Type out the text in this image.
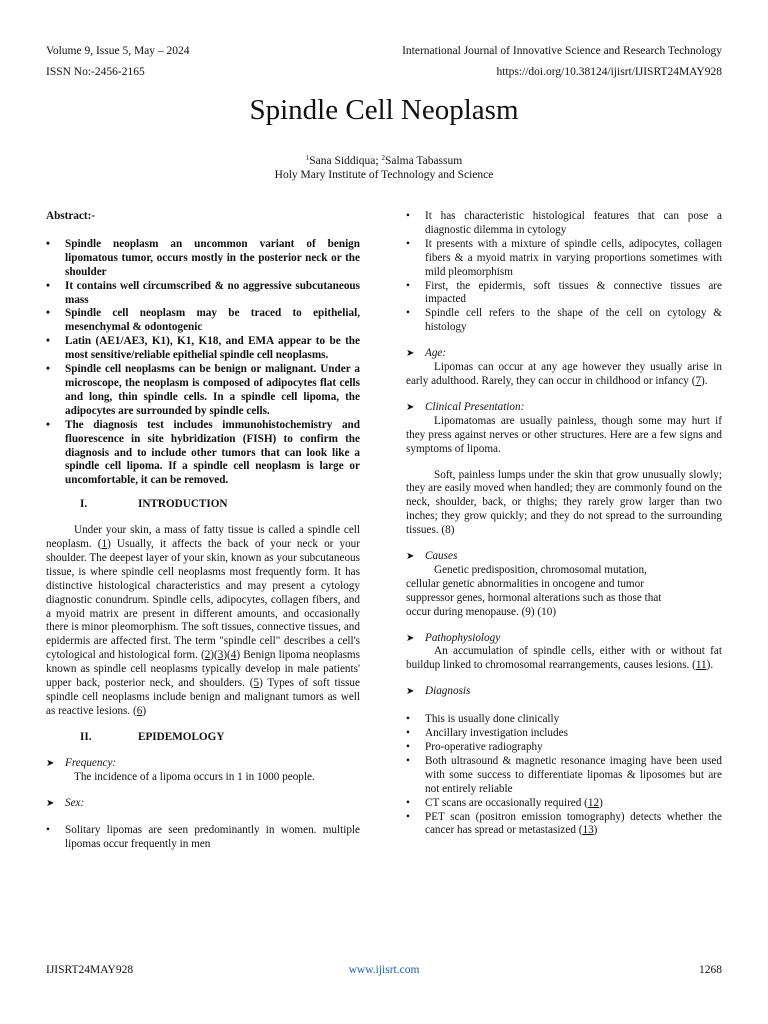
Volume 9, Issue 5, May – 2024	International Journal of Innovative Science and Research Technology
ISSN No:-2456-2165	https://doi.org/10.38124/ijisrt/IJISRT24MAY928
Spindle Cell Neoplasm
$^1$Sana Siddiqua; $^2$Salma Tabassum
Holy Mary Institute of Technology and Science

Abstract:-

• Spindle neoplasm an uncommon variant of benign lipomatous tumor, occurs mostly in the posterior neck or the shoulder
• It contains well circumscribed & no aggressive subcutaneous mass
• Spindle cell neoplasm may be traced to epithelial, mesenchymal & odontogenic
• Latin (AE1/AE3, K1), K1, K18, and EMA appear to be the most sensitive/reliable epithelial spindle cell neoplasms.
• Spindle cell neoplasms can be benign or malignant. Under a microscope, the neoplasm is composed of adipocytes flat cells and long, thin spindle cells. In a spindle cell lipoma, the adipocytes are surrounded by spindle cells.
• The diagnosis test includes immunohistochemistry and fluorescence in site hybridization (FISH) to confirm the diagnosis and to include other tumors that can look like a spindle cell lipoma. If a spindle cell neoplasm is large or uncomfortable, it can be removed.

I.	INTRODUCTION

Under your skin, a mass of fatty tissue is called a spindle cell neoplasm. (1) Usually, it affects the back of your neck or your shoulder. The deepest layer of your skin, known as your subcutaneous tissue, is where spindle cell neoplasms most frequently form. It has distinctive histological characteristics and may present a cytology diagnostic conundrum. Spindle cells, adipocytes, collagen fibers, and a myoid matrix are present in different amounts, and occasionally there is minor pleomorphism. The soft tissues, connective tissues, and epidermis are affected first. The term "spindle cell" describes a cell's cytological and histological form. (2)(3)(4) Benign lipoma neoplasms known as spindle cell neoplasms typically develop in male patients' upper back, posterior neck, and shoulders. (5) Types of soft tissue spindle cell neoplasms include benign and malignant tumors as well as reactive lesions. (6)

II.	EPIDEMOLOGY

➤ Frequency:

The incidence of a lipoma occurs in 1 in 1000 people.

➤ Sex:

• Solitary lipomas are seen predominantly in women. multiple lipomas occur frequently in men
• It has characteristic histological features that can pose a diagnostic dilemma in cytology
• It presents with a mixture of spindle cells, adipocytes, collagen fibers & a myoid matrix in varying proportions sometimes with mild pleomorphism
• First, the epidermis, soft tissues & connective tissues are impacted
• Spindle cell refers to the shape of the cell on cytology & histology

➤ Age:

Lipomas can occur at any age however they usually arise in early adulthood. Rarely, they can occur in childhood or infancy (7).

➤ Clinical Presentation:

Lipomatomas are usually painless, though some may hurt if they press against nerves or other structures. Here are a few signs and symptoms of lipoma.

Soft, painless lumps under the skin that grow unusually slowly; they are easily moved when handled; they are commonly found on the neck, shoulder, back, or thighs; they rarely grow larger than two inches; they grow quickly; and they do not spread to the surrounding tissues. (8)

➤ Causes

Genetic predisposition, chromosomal mutation,
cellular genetic abnormalities in oncogene and tumor
suppressor genes, hormonal alterations such as those that
occur during menopause. (9) (10)

➤ Pathophysiology

An accumulation of spindle cells, either with or without fat buildup linked to chromosomal rearrangements, causes lesions. (11).

➤ Diagnosis

• This is usually done clinically
• Ancillary investigation includes
• Pro-operative radiography
• Both ultrasound & magnetic resonance imaging have been used with some success to differentiate lipomas & liposomes but are not entirely reliable
• CT scans are occasionally required (12)
• PET scan (positron emission tomography) detects whether the cancer has spread or metastasized (13)
IJISRT24MAY928	www.ijisrt.com	1268
